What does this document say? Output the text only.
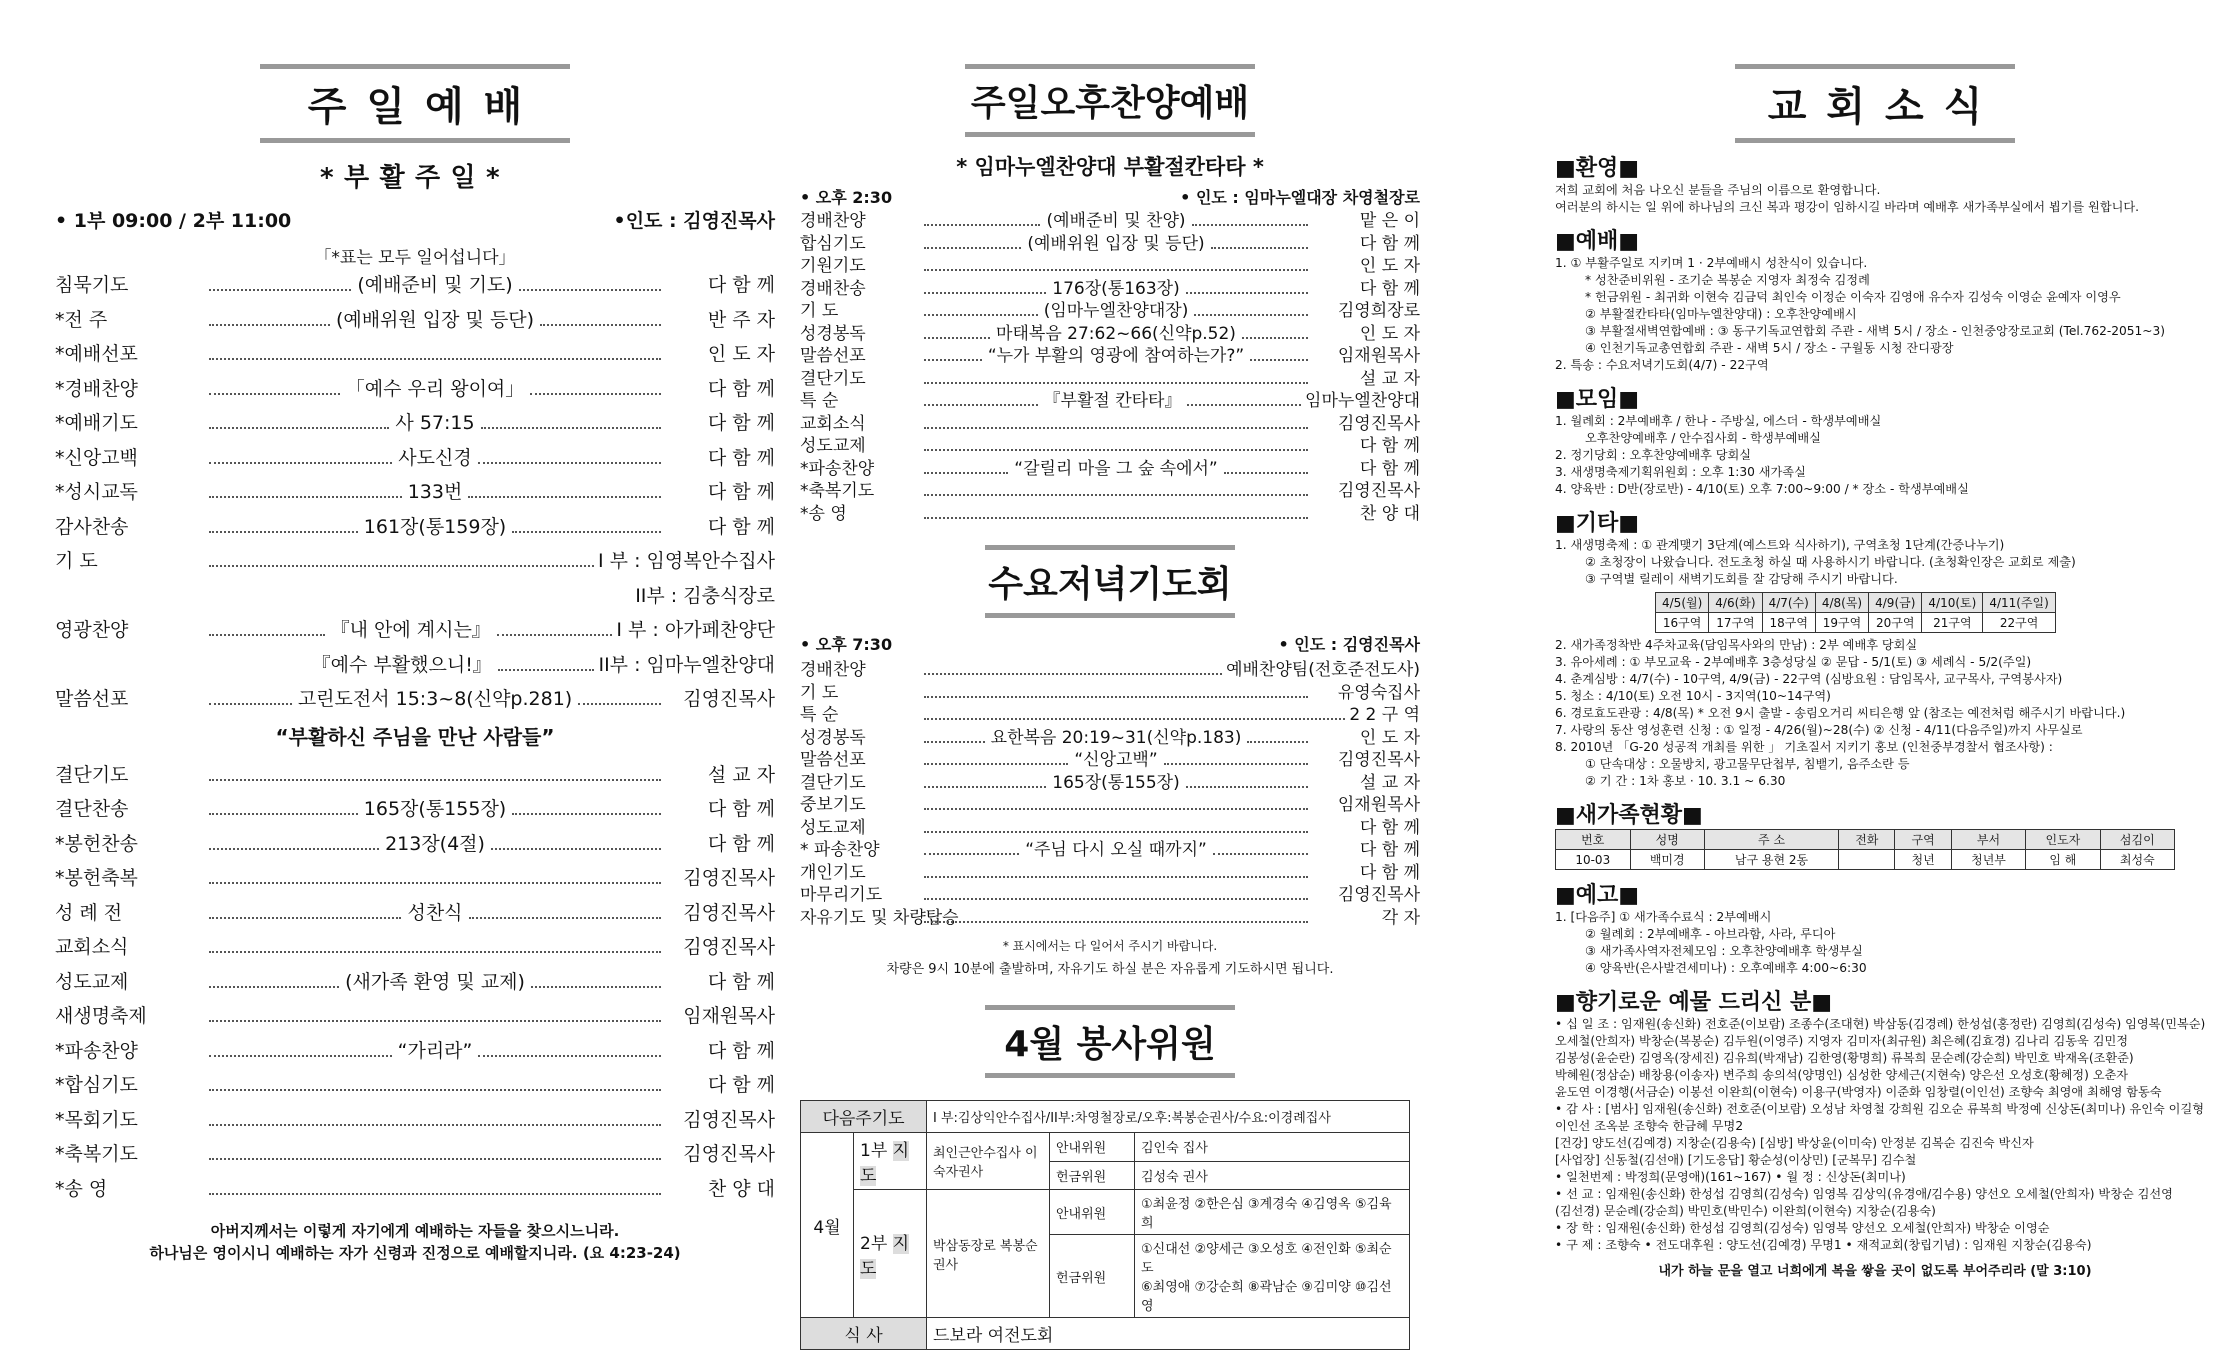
주일예배
*부활주일*
• 1부 09:00 / 2부 11:00	•인도 : 김영진목사
「*표는 모두 일어섭니다」
침묵기도	(예배준비 및 기도)	다 함 께
*전 주	(예배위원 입장 및 등단)	반 주 자
*예배선포	인 도 자
*경배찬양	「예수 우리 왕이여」	다 함 께
*예배기도	사 57:15	다 함 께
*신앙고백	사도신경	다 함 께
*성시교독	133번	다 함 께
감사찬송	161장(통159장)	다 함 께
기 도	I 부 : 임영복안수집사
II부 : 김충식장로
영광찬양	『내 안에 계시는』	I 부 : 아가페찬양단
『예수 부활했으니!』	II부 : 임마누엘찬양대
말씀선포	고린도전서 15:3~8(신약p.281)	김영진목사
“부활하신 주님을 만난 사람들”
결단기도	설 교 자
결단찬송	165장(통155장)	다 함 께
*봉헌찬송	213장(4절)	다 함 께
*봉헌축복	김영진목사
성 례 전	성찬식	김영진목사
교회소식	김영진목사
성도교제	(새가족 환영 및 교제)	다 함 께
새생명축제	임재원목사
*파송찬양	“가리라”	다 함 께
*합심기도	다 함 께
*목회기도	김영진목사
*축복기도	김영진목사
*송 영	찬 양 대
아버지께서는 이렇게 자기에게 예배하는 자들을 찾으시느니라.
하나님은 영이시니 예배하는 자가 신령과 진정으로 예배할지니라. (요 4:23-24)
주일오후찬양예배
* 임마누엘찬양대 부활절칸타타 *
• 오후 2:30	• 인도 : 임마누엘대장 차영철장로
경배찬양	(예배준비 및 찬양)	맡 은 이
합심기도	(예배위원 입장 및 등단)	다 함 께
기원기도	인 도 자
경배찬송	176장(통163장)	다 함 께
기 도	(임마누엘찬양대장)	김영희장로
성경봉독	마태복음 27:62~66(신약p.52)	인 도 자
말씀선포	“누가 부활의 영광에 참여하는가?”	임재원목사
결단기도	설 교 자
특 순	『부활절 칸타타』	임마누엘찬양대
교회소식	김영진목사
성도교제	다 함 께
*파송찬양	“갈릴리 마을 그 숲 속에서”	다 함 께
*축복기도	김영진목사
*송 영	찬 양 대
수요저녁기도회
• 오후 7:30	• 인도 : 김영진목사
경배찬양	예배찬양팀(전호준전도사)
기 도	유영숙집사
특 순	2 2 구 역
성경봉독	요한복음 20:19~31(신약p.183)	인 도 자
말씀선포	“신앙고백”	김영진목사
결단기도	165장(통155장)	설 교 자
중보기도	임재원목사
성도교제	다 함 께
* 파송찬양	“주님 다시 오실 때까지”	다 함 께
개인기도	다 함 께
마무리기도	김영진목사
자유기도 및 차량탑승	각 자
* 표시에서는 다 일어서 주시기 바랍니다.
차량은 9시 10분에 출발하며, 자유기도 하실 분은 자유롭게 기도하시면 됩니다.
4월 봉사위원
다음주기도		I 부:김상익안수집사/II부:차영철장로/오후:복봉순권사/수요:이경례집사		
4월	1부 지도	최인근안수집사 이숙자권사	안내위원	김인숙 집사
			헌금위원	김성숙 권사
	2부 지도	박삼동장로 복봉순권사	안내위원	①최윤정 ②한은심 ③계경숙 ④김영옥 ⑤김육희
			헌금위원	①신대선 ②양세근 ③오성호 ④전인화 ⑤최순도
⑥최영애 ⑦강순희 ⑧곽남순 ⑨김미양 ⑩김선영

식 사		드보라 여전도회		
교회소식
■환영■
저희 교회에 처음 나오신 분들을 주님의 이름으로 환영합니다.
여러분의 하시는 일 위에 하나님의 크신 복과 평강이 임하시길 바라며 예배후 새가족부실에서 뵙기를 원합니다.
■예배■
1. ① 부활주일로 지키며 1 · 2부예배시 성찬식이 있습니다.
* 성찬준비위원 - 조기순 복봉순 지영자 최정숙 김정례
* 헌금위원 - 최귀화 이현숙 김금덕 최인숙 이정순 이숙자 김영애 유수자 김성숙 이영순 윤예자 이영우
② 부활절칸타타(임마누엘찬양대) : 오후찬양예배시
③ 부활절새벽연합예배 : ③ 동구기독교연합회 주관 - 새벽 5시 / 장소 - 인천중앙장로교회 (Tel.762-2051~3)
④ 인천기독교총연합회 주관 - 새벽 5시 / 장소 - 구월동 시청 잔디광장
2. 특송 : 수요저녁기도회(4/7) - 22구역
■모임■
1. 월례회 : 2부예배후 / 한나 - 주방실, 에스더 - 학생부예배실
오후찬양예배후 / 안수집사회 - 학생부예배실
2. 정기당회 : 오후찬양예배후 당회실
3. 새생명축제기획위원회 : 오후 1:30 새가족실
4. 양육반 : D반(장로반) - 4/10(토) 오후 7:00~9:00 / * 장소 - 학생부예배실
■기타■
1. 새생명축제 : ① 관계맺기 3단계(예스트와 식사하기), 구역초청 1단계(간증나누기)
② 초청장이 나왔습니다. 전도초청 하실 때 사용하시기 바랍니다. (초청확인장은 교회로 제출)
③ 구역별 릴레이 새벽기도회를 잘 감당해 주시기 바랍니다.
4/5(월)	4/6(화)	4/7(수)	4/8(목)	4/9(금)	4/10(토)	4/11(주일)
16구역	17구역	18구역	19구역	20구역	21구역	22구역
2. 새가족정착반 4주차교육(담임목사와의 만남) : 2부 예배후 당회실
3. 유아세례 : ① 부모교육 - 2부예배후 3층성당실 ② 문답 - 5/1(토) ③ 세례식 - 5/2(주일)
4. 춘계심방 : 4/7(수) - 10구역, 4/9(금) - 22구역 (심방요원 : 담임목사, 교구목사, 구역봉사자)
5. 청소 : 4/10(토) 오전 10시 - 3지역(10~14구역)
6. 경로효도관광 : 4/8(목) * 오전 9시 출발 - 송림오거리 씨티은행 앞 (참조는 예전처럼 해주시기 바랍니다.)
7. 사랑의 동산 영성훈련 신청 : ① 일정 - 4/26(월)~28(수) ② 신청 - 4/11(다음주일)까지 사무실로
8. 2010년 「G-20 성공적 개최를 위한 」 기초질서 지키기 홍보 (인천중부경찰서 협조사항) :
① 단속대상 : 오물방치, 광고물무단첩부, 침뱉기, 음주소란 등
② 기 간 : 1차 홍보 · 10. 3.1 ~ 6.30
■새가족현황■
번호	성명	주 소	전화	구역	부서	인도자	섬김이
10-03	백미경	남구 용현 2동		청년	청년부	임 해	최성숙
■예고■
1. [다음주] ① 새가족수료식 : 2부예배시
② 월례회 : 2부예배후 - 아브라함, 사라, 루디아
③ 새가족사역자전체모임 : 오후찬양예배후 학생부실
④ 양육반(은사발견세미나) : 오후예배후 4:00~6:30
■향기로운 예물 드리신 분■
• 십 일 조 : 임재원(송신화) 전호준(이보람) 조종수(조대현) 박삼동(김경례) 한성섭(홍정란) 김영희(김성숙) 임영복(민복순)
오세철(안희자) 박창순(복봉순) 김두원(이영주) 지영자 김미자(최규원) 최은혜(김효경) 김나리 김동욱 김민정
김봉성(윤순란) 김영옥(장세진) 김유희(박재남) 김한영(황명희) 류복희 문순례(강순희) 박민호 박재옥(조환준)
박혜원(정삼순) 배창용(이송자) 변주희 송의석(양명인) 심성한 양세근(지현숙) 양은선 오성호(황혜정) 오춘자
윤도연 이경행(서금순) 이봉선 이완희(이현숙) 이용구(박영자) 이준화 임창렬(이인선) 조향숙 최영애 최해영 함동숙
• 감 사 : [범사] 임재원(송신화) 전호준(이보람) 오성남 차영철 강희원 김오순 류복희 박정예 신상돈(최미나) 유인숙 이길형
이인선 조옥분 조향숙 한금혜 무명2
[건강] 양도선(김예경) 지창순(김용숙) [심방] 박상윤(이미숙) 안정분 김복순 김진숙 박신자
[사업장] 신동철(김선애) [기도응답] 황순성(이상민) [군복무] 김수철
• 일천번제 : 박정희(문영애)(161~167) • 월 정 : 신상돈(최미나)
• 선 교 : 임재원(송신화) 한성섭 김영희(김성숙) 임영복 김상익(유경애/김수용) 양선오 오세철(안희자) 박창순 김선영
(김선경) 문순례(강순희) 박민호(박민수) 이완희(이현숙) 지창순(김용숙)
• 장 학 : 임재원(송신화) 한성섭 김영희(김성숙) 임영복 양선오 오세철(안희자) 박창순 이영순
• 구 제 : 조향숙 • 전도대후원 : 양도선(김예경) 무명1 • 재적교회(창립기념) : 임재원 지창순(김용숙)
내가 하늘 문을 열고 너희에게 복을 쌓을 곳이 없도록 부어주리라 (말 3:10)
